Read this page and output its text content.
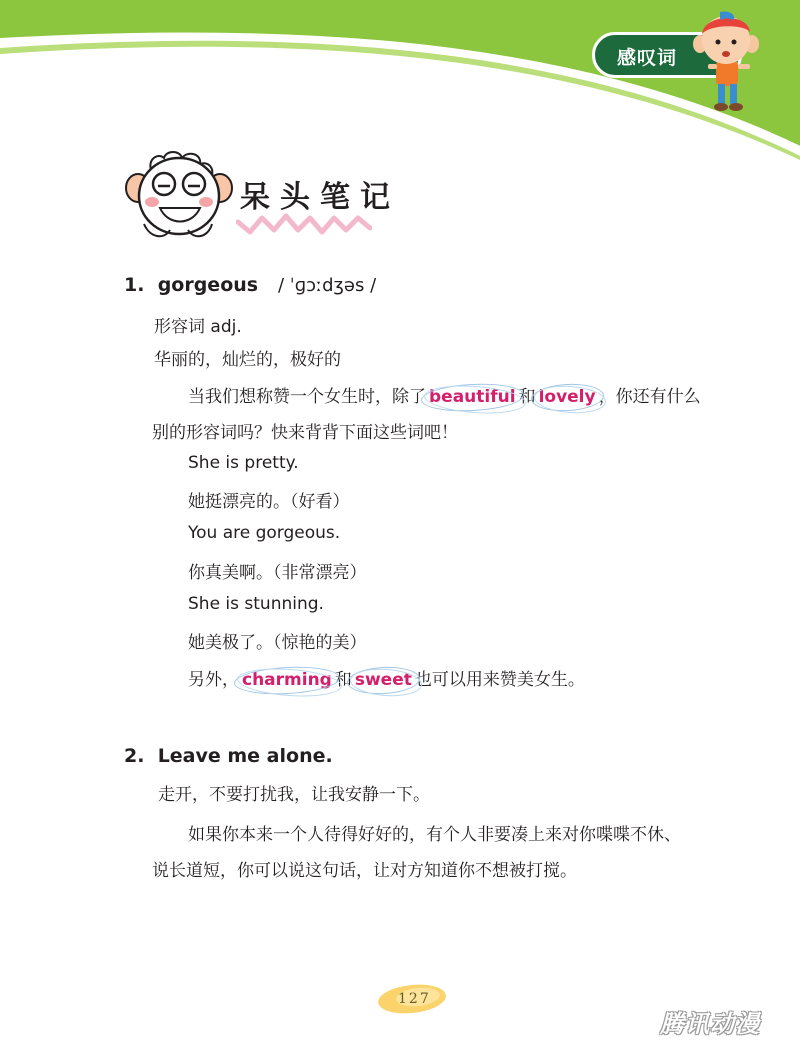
感叹词
呆头笔记
1. gorgeous / ˈɡɔːdʒəs /
形容词 adj.
华丽的，灿烂的，极好的
当我们想称赞一个女生时，除了 beautiful 和 lovely ，你还有什么
别的形容词吗？快来背背下面这些词吧！
She is pretty.
她挺漂亮的。（好看）
You are gorgeous.
你真美啊。（非常漂亮）
She is stunning.
她美极了。（惊艳的美）
另外， charming 和 sweet 也可以用来赞美女生。
2. Leave me alone.
走开，不要打扰我，让我安静一下。
如果你本来一个人待得好好的，有个人非要凑上来对你喋喋不休、
说长道短，你可以说这句话，让对方知道你不想被打搅。
127
腾讯动漫
